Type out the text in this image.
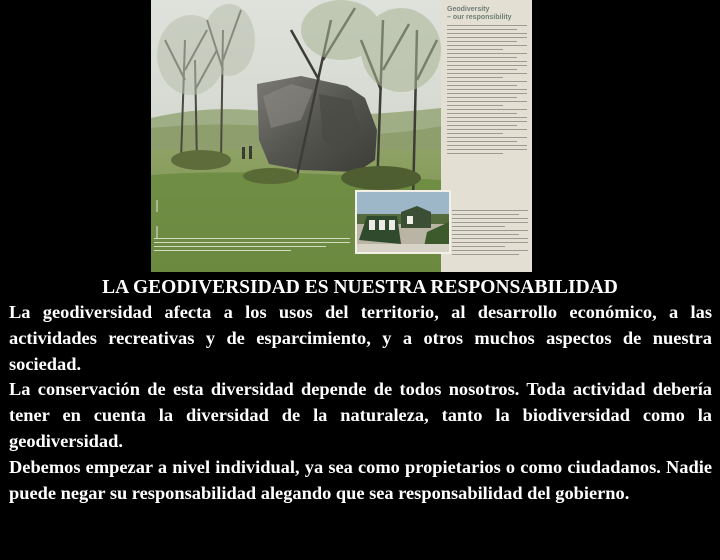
Geodiversity
– our responsibility
LA GEODIVERSIDAD ES NUESTRA RESPONSABILIDAD

La geodiversidad afecta a los usos del territorio, al desarrollo económico, a las actividades recreativas y de esparcimiento, y a otros muchos aspectos de nuestra sociedad.

La conservación de esta diversidad depende de todos nosotros. Toda actividad debería tener en cuenta la diversidad de la naturaleza, tanto la biodiversidad como la geodiversidad.

Debemos empezar a nivel individual, ya sea como propietarios o como ciudadanos. Nadie puede negar su responsabilidad alegando que sea responsabilidad del gobierno.
